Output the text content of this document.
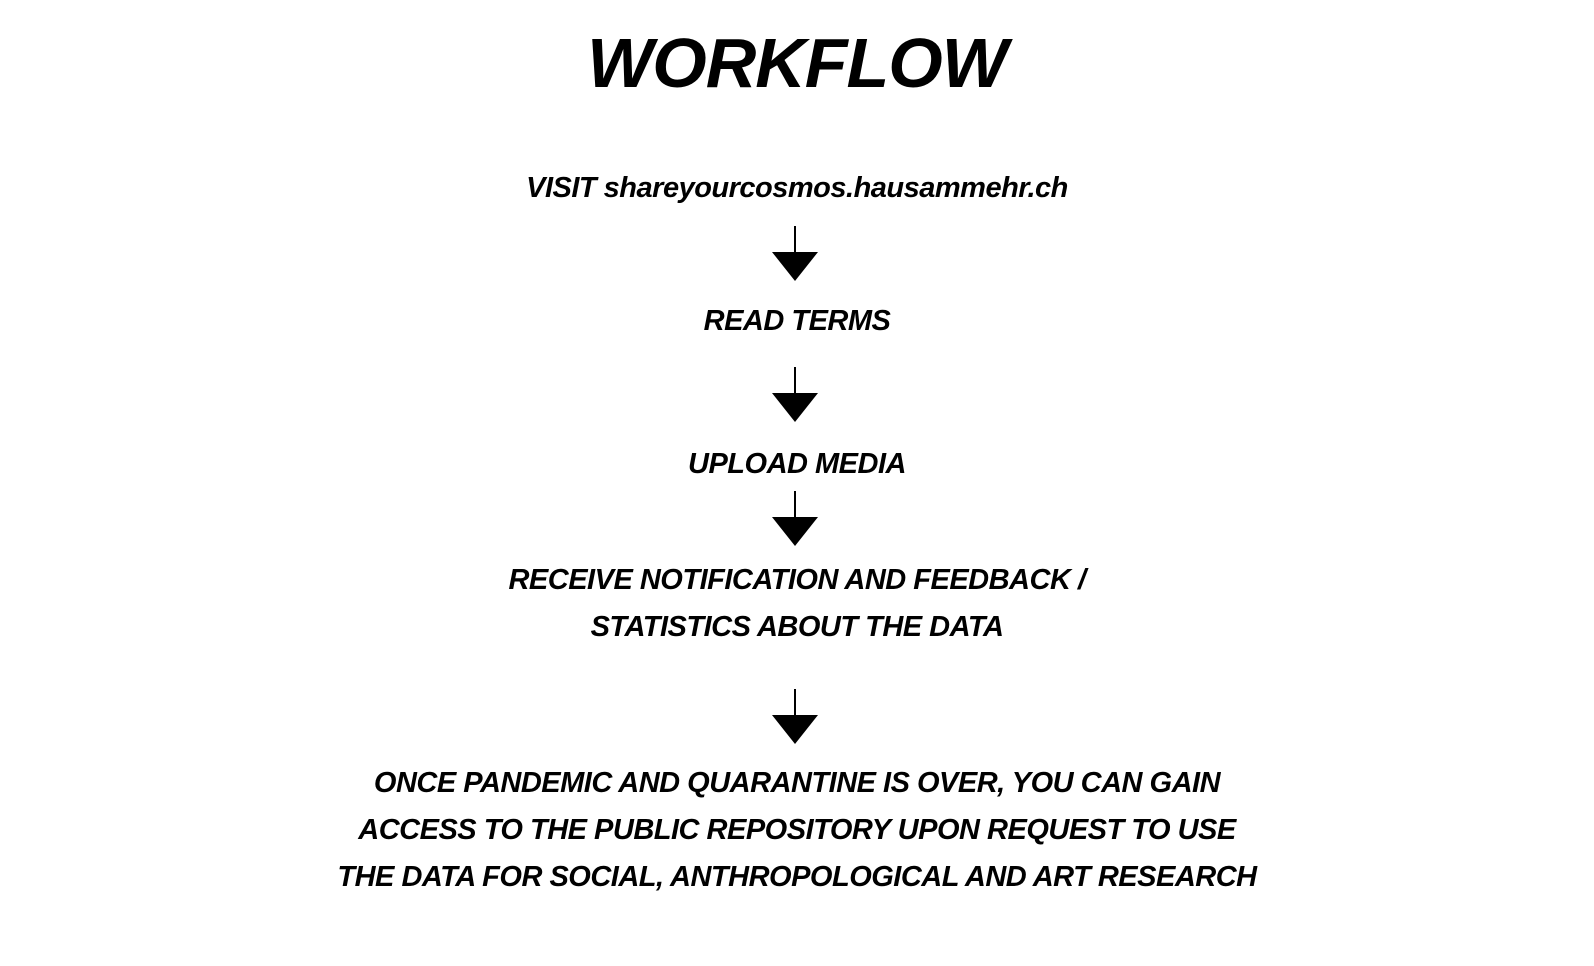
WORKFLOW
VISIT shareyourcosmos.hausammehr.ch
READ TERMS
UPLOAD MEDIA
RECEIVE NOTIFICATION AND FEEDBACK /
STATISTICS ABOUT THE DATA
ONCE PANDEMIC AND QUARANTINE IS OVER, YOU CAN GAIN
ACCESS TO THE PUBLIC REPOSITORY UPON REQUEST TO USE
THE DATA FOR SOCIAL, ANTHROPOLOGICAL AND ART RESEARCH
